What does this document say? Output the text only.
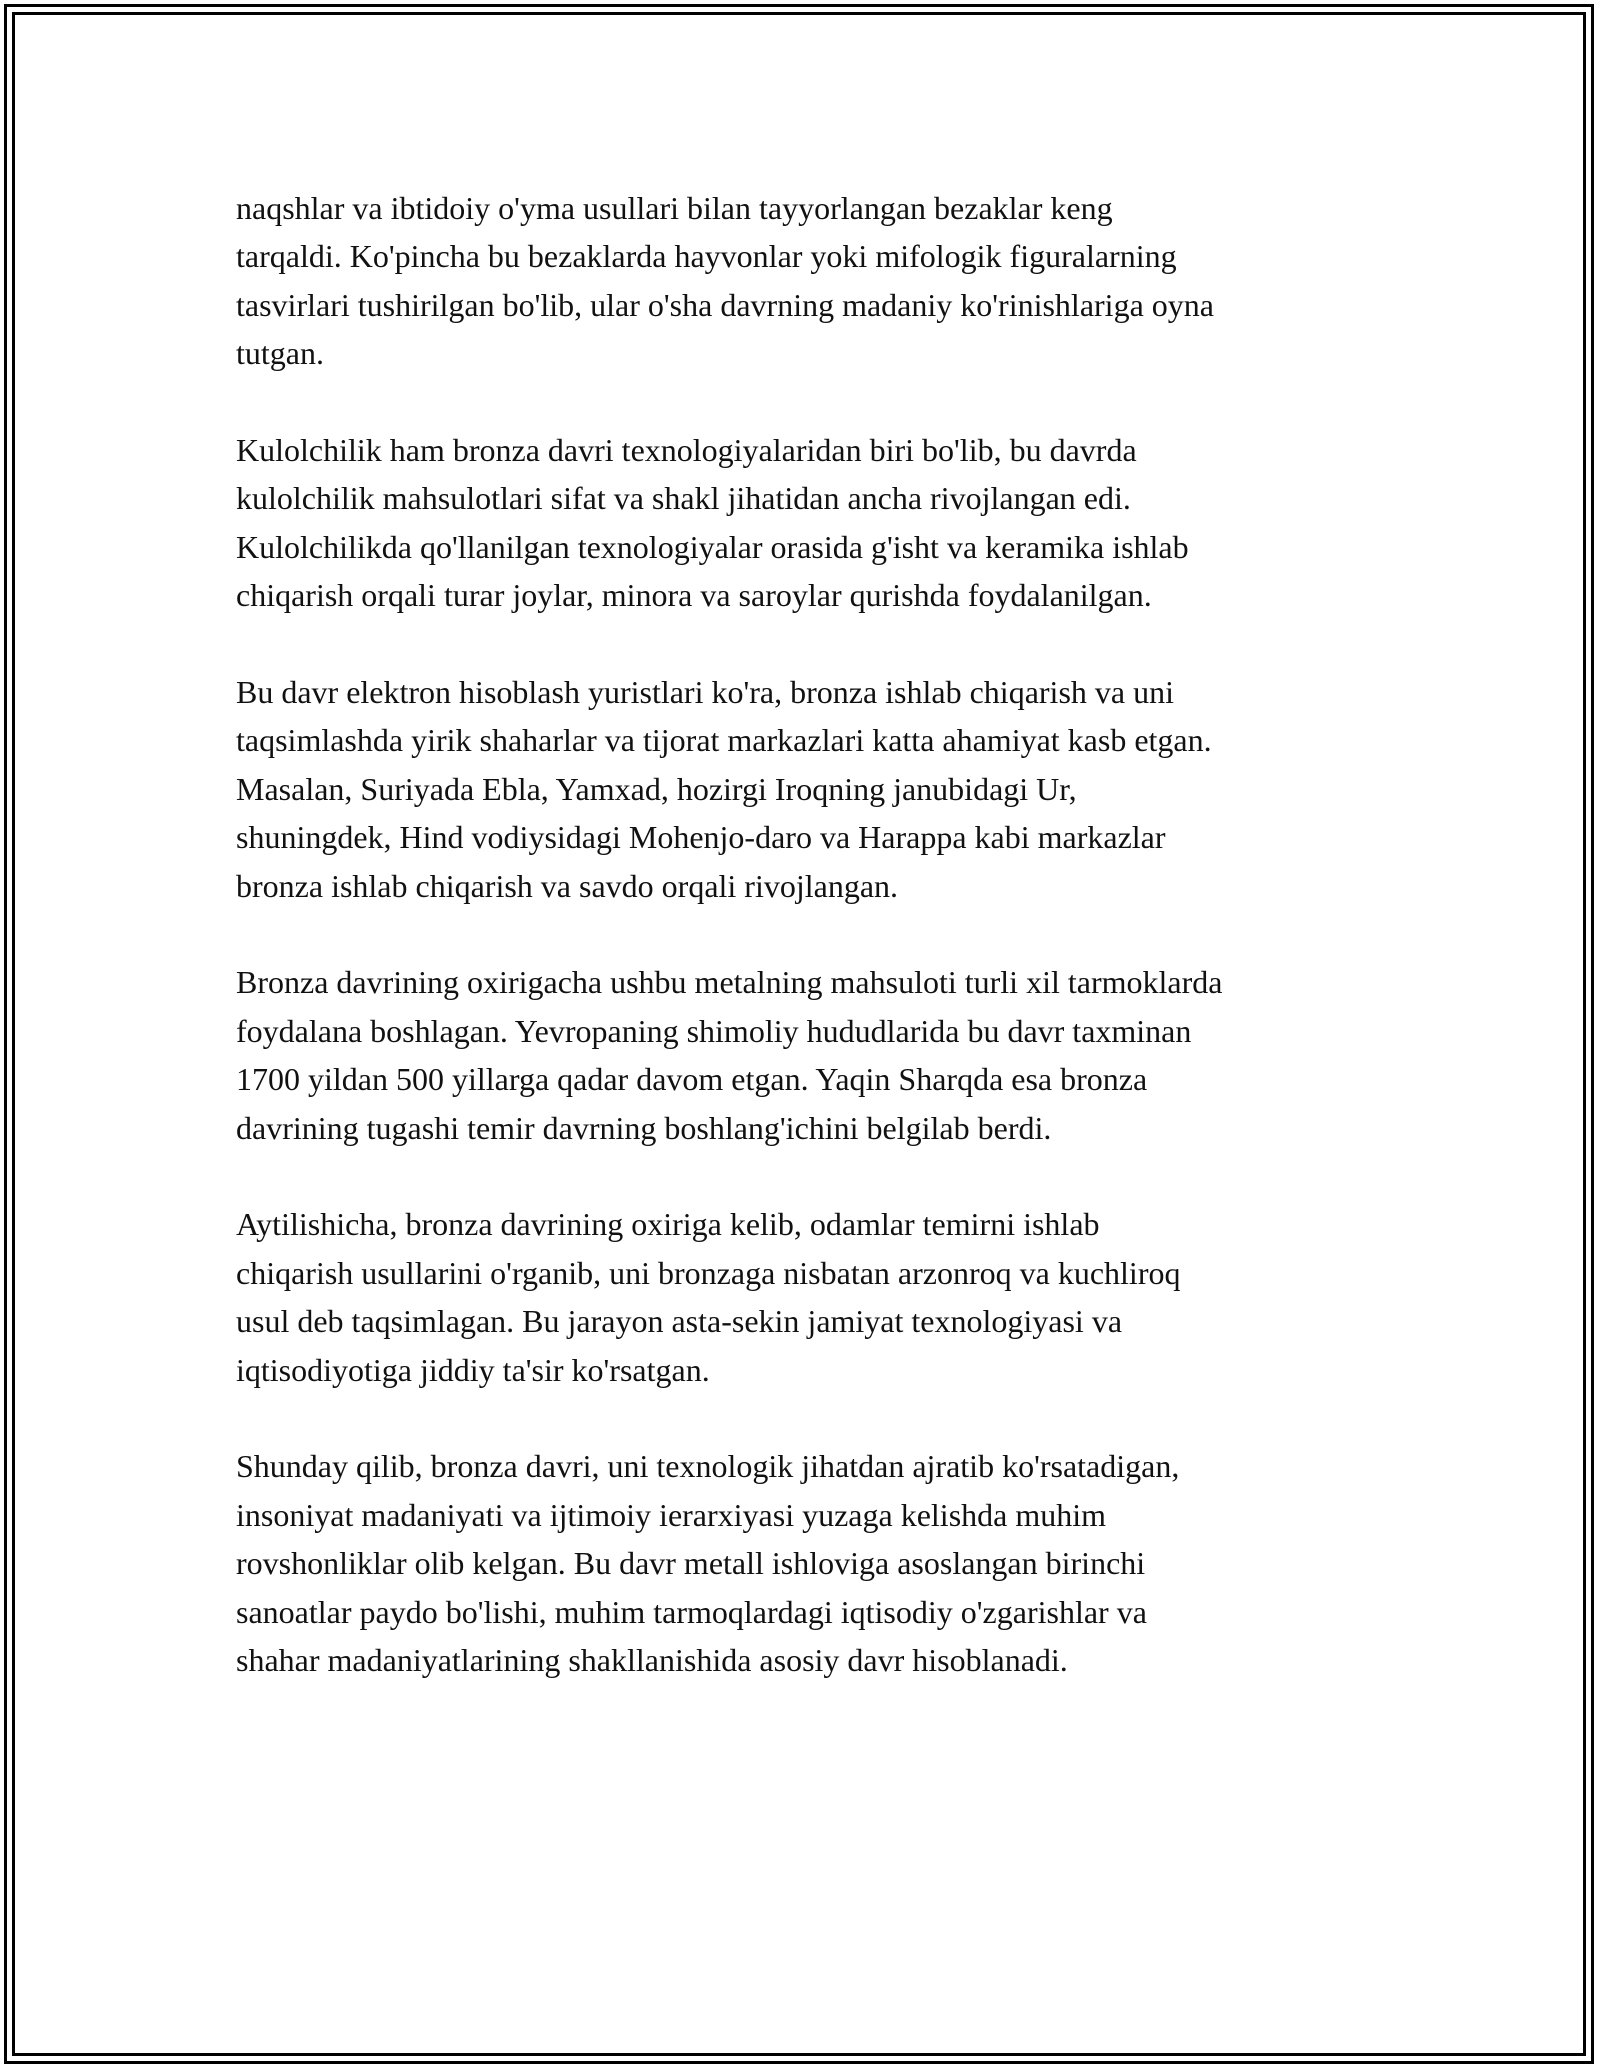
naqshlar va ibtidoiy o'yma usullari bilan tayyorlangan bezaklar keng
tarqaldi. Ko'pincha bu bezaklarda hayvonlar yoki mifologik figuralarning
tasvirlari tushirilgan bo'lib, ular o'sha davrning madaniy ko'rinishlariga oyna
tutgan.

Kulolchilik ham bronza davri texnologiyalaridan biri bo'lib, bu davrda
kulolchilik mahsulotlari sifat va shakl jihatidan ancha rivojlangan edi.
Kulolchilikda qo'llanilgan texnologiyalar orasida g'isht va keramika ishlab
chiqarish orqali turar joylar, minora va saroylar qurishda foydalanilgan.

Bu davr elektron hisoblash yuristlari ko'ra, bronza ishlab chiqarish va uni
taqsimlashda yirik shaharlar va tijorat markazlari katta ahamiyat kasb etgan.
Masalan, Suriyada Ebla, Yamxad, hozirgi Iroqning janubidagi Ur,
shuningdek, Hind vodiysidagi Mohenjo-daro va Harappa kabi markazlar
bronza ishlab chiqarish va savdo orqali rivojlangan.

Bronza davrining oxirigacha ushbu metalning mahsuloti turli xil tarmoklarda
foydalana boshlagan. Yevropaning shimoliy hududlarida bu davr taxminan
1700 yildan 500 yillarga qadar davom etgan. Yaqin Sharqda esa bronza
davrining tugashi temir davrning boshlang'ichini belgilab berdi.

Aytilishicha, bronza davrining oxiriga kelib, odamlar temirni ishlab
chiqarish usullarini o'rganib, uni bronzaga nisbatan arzonroq va kuchliroq
usul deb taqsimlagan. Bu jarayon asta-sekin jamiyat texnologiyasi va
iqtisodiyotiga jiddiy ta'sir ko'rsatgan.

Shunday qilib, bronza davri, uni texnologik jihatdan ajratib ko'rsatadigan,
insoniyat madaniyati va ijtimoiy ierarxiyasi yuzaga kelishda muhim
rovshonliklar olib kelgan. Bu davr metall ishloviga asoslangan birinchi
sanoatlar paydo bo'lishi, muhim tarmoqlardagi iqtisodiy o'zgarishlar va
shahar madaniyatlarining shakllanishida asosiy davr hisoblanadi.
